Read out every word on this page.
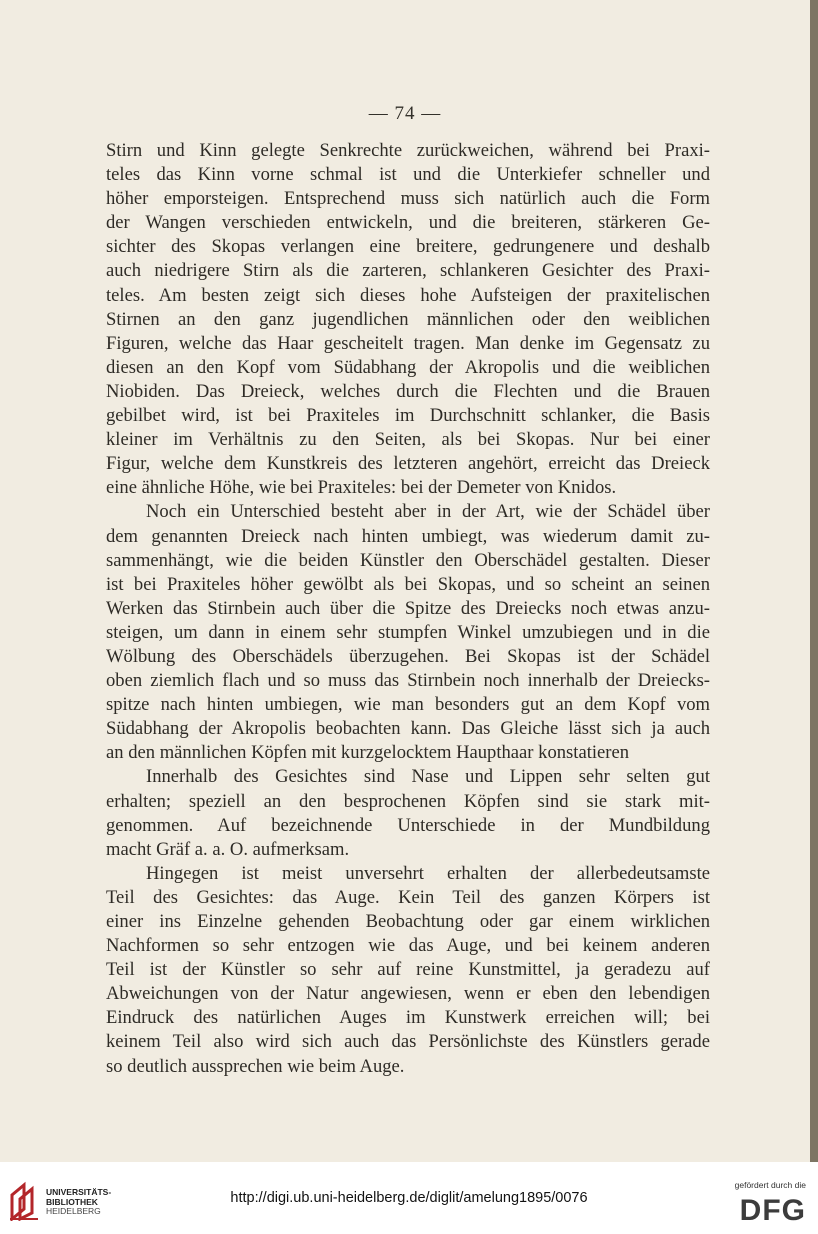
— 74 —

Stirn und Kinn gelegte Senkrechte zurückweichen, während bei Praxi-
teles das Kinn vorne schmal ist und die Unterkiefer schneller und
höher emporsteigen. Entsprechend muss sich natürlich auch die Form
der Wangen verschieden entwickeln, und die breiteren, stärkeren Ge-
sichter des Skopas verlangen eine breitere, gedrungenere und deshalb
auch niedrigere Stirn als die zarteren, schlankeren Gesichter des Praxi-
teles. Am besten zeigt sich dieses hohe Aufsteigen der praxitelischen
Stirnen an den ganz jugendlichen männlichen oder den weiblichen
Figuren, welche das Haar gescheitelt tragen. Man denke im Gegensatz zu
diesen an den Kopf vom Südabhang der Akropolis und die weiblichen
Niobiden. Das Dreieck, welches durch die Flechten und die Brauen
gebilbet wird, ist bei Praxiteles im Durchschnitt schlanker, die Basis
kleiner im Verhältnis zu den Seiten, als bei Skopas. Nur bei einer
Figur, welche dem Kunstkreis des letzteren angehört, erreicht das Dreieck
eine ähnliche Höhe, wie bei Praxiteles: bei der Demeter von Knidos.

Noch ein Unterschied besteht aber in der Art, wie der Schädel über
dem genannten Dreieck nach hinten umbiegt, was wiederum damit zu-
sammenhängt, wie die beiden Künstler den Oberschädel gestalten. Dieser
ist bei Praxiteles höher gewölbt als bei Skopas, und so scheint an seinen
Werken das Stirnbein auch über die Spitze des Dreiecks noch etwas anzu-
steigen, um dann in einem sehr stumpfen Winkel umzubiegen und in die
Wölbung des Oberschädels überzugehen. Bei Skopas ist der Schädel
oben ziemlich flach und so muss das Stirnbein noch innerhalb der Dreiecks-
spitze nach hinten umbiegen, wie man besonders gut an dem Kopf vom
Südabhang der Akropolis beobachten kann. Das Gleiche lässt sich ja auch
an den männlichen Köpfen mit kurzgelocktem Haupthaar konstatieren

Innerhalb des Gesichtes sind Nase und Lippen sehr selten gut
erhalten; speziell an den besprochenen Köpfen sind sie stark mit-
genommen. Auf bezeichnende Unterschiede in der Mundbildung
macht Gräf a. a. O. aufmerksam.

Hingegen ist meist unversehrt erhalten der allerbedeutsamste
Teil des Gesichtes: das Auge. Kein Teil des ganzen Körpers ist
einer ins Einzelne gehenden Beobachtung oder gar einem wirklichen
Nachformen so sehr entzogen wie das Auge, und bei keinem anderen
Teil ist der Künstler so sehr auf reine Kunstmittel, ja geradezu auf
Abweichungen von der Natur angewiesen, wenn er eben den lebendigen
Eindruck des natürlichen Auges im Kunstwerk erreichen will; bei
keinem Teil also wird sich auch das Persönlichste des Künstlers gerade
so deutlich aussprechen wie beim Auge.

UNIVERSITÄTS-
BIBLIOTHEK
HEIDELBERG
http://digi.ub.uni-heidelberg.de/diglit/amelung1895/0076
gefördert durch die
DFG
